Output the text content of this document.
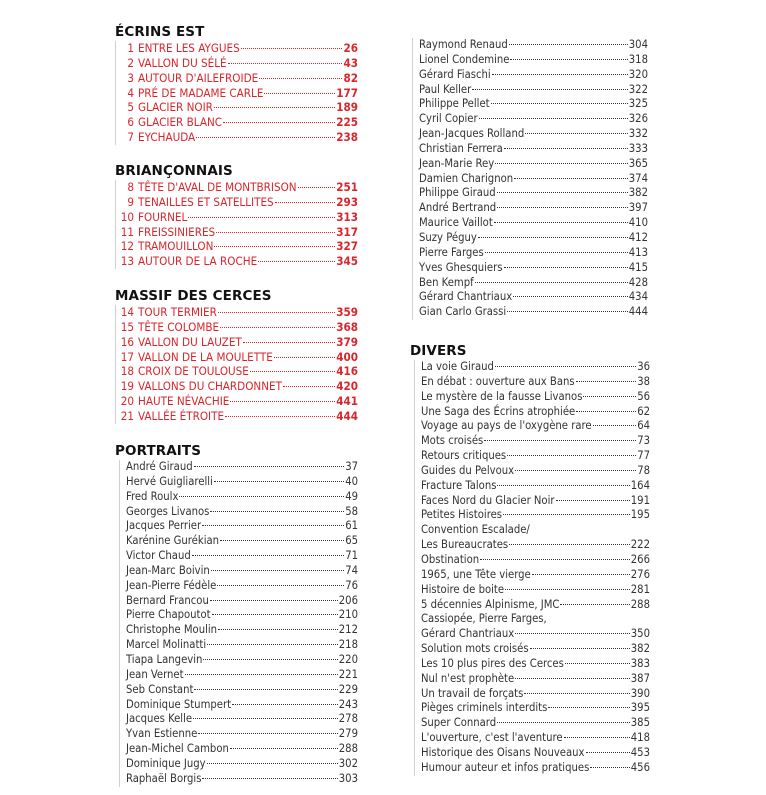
ÉCRINS EST
1 ENTRE LES AYGUES	26
2 VALLON DU SÉLÉ	43
3 AUTOUR D'AILEFROIDE	82
4 PRÉ DE MADAME CARLE	177
5 GLACIER NOIR	189
6 GLACIER BLANC	225
7 EYCHAUDA	238
BRIANÇONNAIS
8 TÊTE D'AVAL DE MONTBRISON	251
9 TENAILLES ET SATELLITES	293
10 FOURNEL	313
11 FREISSINIERES	317
12 TRAMOUILLON	327
13 AUTOUR DE LA ROCHE	345
MASSIF DES CERCES
14 TOUR TERMIER	359
15 TÊTE COLOMBE	368
16 VALLON DU LAUZET	379
17 VALLON DE LA MOULETTE	400
18 CROIX DE TOULOUSE	416
19 VALLONS DU CHARDONNET	420
20 HAUTE NÉVACHIE	441
21 VALLÉE ÉTROITE	444
PORTRAITS
André Giraud	37
Hervé Guigliarelli	40
Fred Roulx	49
Georges Livanos	58
Jacques Perrier	61
Karénine Gurékian	65
Victor Chaud	71
Jean-Marc Boivin	74
Jean-Pierre Fédèle	76
Bernard Francou	206
Pierre Chapoutot	210
Christophe Moulin	212
Marcel Molinatti	218
Tiapa Langevin	220
Jean Vernet	221
Seb Constant	229
Dominique Stumpert	243
Jacques Kelle	278
Yvan Estienne	279
Jean-Michel Cambon	288
Dominique Jugy	302
Raphaël Borgis	303
Raymond Renaud	304
Lionel Condemine	318
Gérard Fiaschi	320
Paul Keller	322
Philippe Pellet	325
Cyril Copier	326
Jean-Jacques Rolland	332
Christian Ferrera	333
Jean-Marie Rey	365
Damien Charignon	374
Philippe Giraud	382
André Bertrand	397
Maurice Vaillot	410
Suzy Péguy	412
Pierre Farges	413
Yves Ghesquiers	415
Ben Kempf	428
Gérard Chantriaux	434
Gian Carlo Grassi	444
DIVERS
La voie Giraud	36
En débat : ouverture aux Bans	38
Le mystère de la fausse Livanos	56
Une Saga des Écrins atrophiée	62
Voyage au pays de l'oxygène rare	64
Mots croisés	73
Retours critiques	77
Guides du Pelvoux	78
Fracture Talons	164
Faces Nord du Glacier Noir	191
Petites Histoires	195
Convention Escalade/
Les Bureaucrates	222
Obstination	266
1965, une Tête vierge	276
Histoire de boite	281
5 décennies Alpinisme, JMC	288
Cassiopée, Pierre Farges,
Gérard Chantriaux	350
Solution mots croisés	382
Les 10 plus pires des Cerces	383
Nul n'est prophète	387
Un travail de forçats	390
Pièges criminels interdits	395
Super Connard	385
L'ouverture, c'est l'aventure	418
Historique des Oisans Nouveaux	453
Humour auteur et infos pratiques	456
